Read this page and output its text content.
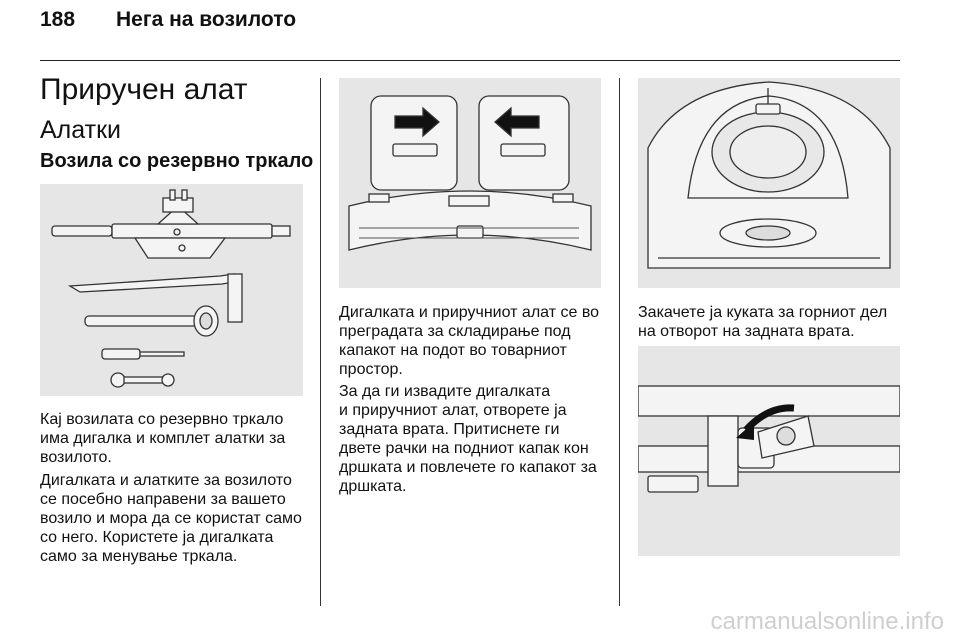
188 Нега на возилото
Приручен алат
Алатки
Возила со резервно тркало
Кај возилата со резервно тркало
има дигалка и комплет алатки за
возилото.
Дигалката и алатките за возилото
се посебно направени за вашето
возило и мора да се користат само
со него. Користете ја дигалката
само за менување тркала.
Дигалката и приручниот алат се во
преградата за складирање под
капакот на подот во товарниот
простор.
За да ги извадите дигалката
и приручниот алат, отворете ја
задната врата. Притиснете ги
двете рачки на подниот капак кон
дршката и повлечете го капакот за
дршката.
Закачете ја куката за горниот дел
на отворот на задната врата.
carmanualsonline.info
